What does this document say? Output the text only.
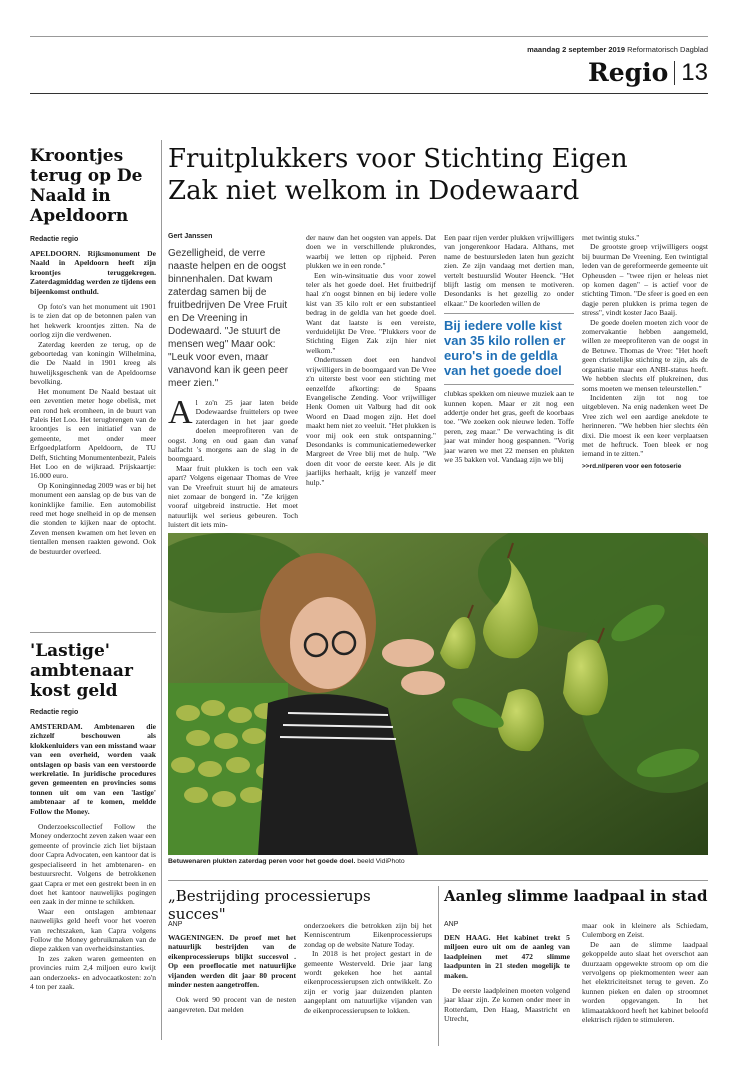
maandag 2 september 2019 Reformatorisch Dagblad
Regio 13
Kroontjes terug op De Naald in Apeldoorn
Redactie regio

APELDOORN. Rijksmonument De Naald in Apeldoorn heeft zijn kroontjes teruggekregen. Zaterdagmiddag werden ze tijdens een bijeenkomst onthuld.

Op foto's van het monument uit 1901 is te zien dat op de betonnen palen van het hekwerk kroontjes zitten. Na de oorlog zijn die verdwenen.

Zaterdag keerden ze terug, op de geboortedag van koningin Wilhelmina, die De Naald in 1901 kreeg als huwelijksgeschenk van de Apeldoornse bevolking.

Het monument De Naald bestaat uit een zeventien meter hoge obelisk, met een rond hek eromheen, in de buurt van Paleis Het Loo. Het terugbrengen van de kroontjes is een initiatief van de gemeente, met onder meer Erfgoedplatform Apeldoorn, de TU Delft, Stichting Monumentenbezit, Paleis Het Loo en de wijkraad. Prijskaartje: 16.000 euro.

Op Koninginnedag 2009 was er bij het monument een aanslag op de bus van de koninklijke familie. Een automobilist reed met hoge snelheid in op de mensen die stonden te kijken naar de optocht. Zeven mensen kwamen om het leven en tientallen mensen raakten gewond. Ook de bestuurder overleed.

'Lastige' ambtenaar kost geld
Redactie regio

AMSTERDAM. Ambtenaren die zichzelf beschouwen als klokkenluiders van een misstand waar van een overheid, worden vaak ontslagen op basis van een verstoorde werkrelatie. In juridische procedures geven gemeenten en provincies soms tonnen uit om van een 'lastige' ambtenaar af te komen, meldde Follow the Money.

Onderzoekscollectief Follow the Money onderzocht zeven zaken waar een gemeente of provincie zich liet bijstaan door Capra Advocaten, een kantoor dat is gespecialiseerd in het ambtenaren- en bestuursrecht. Volgens de betrokkenen gaat Capra er met een gestrekt been in en doet het kantoor nauwelijks pogingen een zaak in der minne te schikken.

Waar een ontslagen ambtenaar nauwelijks geld heeft voor het voeren van rechtszaken, kan Capra volgens Follow the Money gebruikmaken van de diepe zakken van overheidsinstanties.

In zes zaken waren gemeenten en provincies ruim 2,4 miljoen euro kwijt aan onderzoeks- en advocaatkosten: zo'n 4 ton per zaak.

Fruitplukkers voor Stichting Eigen Zak niet welkom in Dodewaard
Gert Janssen
Gezelligheid, de verre naaste helpen en de oogst binnenhalen. Dat kwam zaterdag samen bij de fruitbedrijven De Vree Fruit en De Vreening in Dodewaard. "Je stuurt de mensen weg" Maar ook: "Leuk voor even, maar vanavond kan ik geen peer meer zien."

Al zo'n 25 jaar laten beide Dodewaardse fruittelers op twee zaterdagen in het jaar goede doelen meeprofiteren van de oogst. Jong en oud gaan dan vanaf halfacht 's morgens aan de slag in de boomgaard.

Maar fruit plukken is toch een vak apart? Volgens eigenaar Thomas de Vree van De Vreefruit stuurt hij de amateurs niet zomaar de bongerd in. "Ze krijgen vooraf uitgebreid instructie. Het moet natuurlijk wel serieus gebeuren. Toch luistert dit iets min-

der nauw dan het oogsten van appels. Dat doen we in verschillende plukrondes, waarbij we letten op rijpheid. Peren plukken we in een ronde."

Een win-winsituatie dus voor zowel teler als het goede doel. Het fruitbedrijf haal z'n oogst binnen en bij iedere volle kist van 35 kilo rolt er een substantieel bedrag in de geldla van het goede doel. Want dat laatste is een vereiste, verduidelijkt De Vree. "Plukkers voor de Stichting Eigen Zak zijn hier niet welkom."

Ondertussen doet een handvol vrijwilligers in de boomgaard van De Vree z'n uiterste best voor een stichting met eenzelfde afkorting: de Spaans Evangelische Zending. Voor vrijwilliger Henk Oomen uit Valburg had dit ook Woord en Daad mogen zijn. Het doel maakt hem niet zo veeluit. "Het plukken is voor mij ook een stuk ontspanning." Desondanks is communicatiemedewerker Margreet de Vree blij met de hulp. "We doen dit voor de eerste keer. Als je dit jaarlijks herhaalt, krijg je vanzelf meer hulp."

Een paar rijen verder plukken vrijwilligers van jongerenkoor Hadara. Althans, met name de bestuursleden laten hun gezicht zien. Ze zijn vandaag met dertien man, vertelt bestuurslid Wouter Heenck. "Het blijft lastig om mensen te motiveren. Desondanks is het gezellig zo onder elkaar." De koorleden willen de

Bij iedere volle kist van 35 kilo rollen er euro's in de geldla van het goede doel

clubkas spekken om nieuwe muziek aan te kunnen kopen. Maar er zit nog een addertje onder het gras, geeft de koorbaas toe. "We zoeken ook nieuwe leden. Toffe peren, zeg maar." De verwachting is dit jaar wat minder hoog gespannen. "Vorig jaar waren we met 22 mensen en plukten we 35 bakken vol. Vandaag zijn we blij

met twintig stuks."

De grootste groep vrijwilligers oogst bij buurman De Vreening. Een twintigtal leden van de gereformeerde gemeente uit Opheusden – "twee rijen er heleas niet op komen dagen" – is actief voor de stichting Timon. "De sfeer is goed en een dagje peren plukken is prima tegen de stress", vindt koster Jaco Baaij.

De goede doelen moeten zich voor de zomervakantie hebben aangemeld, willen ze meeprofiteren van de oogst in de Betuwe. Thomas de Vree: "Het hoeft geen christelijke stichting te zijn, als de organisatie maar een ANBI-status heeft. We hebben slechts elf plukreinen, dus soms moeten we mensen teleurstellen."

Incidenten zijn tot nog toe uitgebleven. Na enig nadenken weet De Vree zich wel een aardige anekdote te herinneren. "We hebben hier slechts één dixi. Die moest ik een keer verplaatsen met de heftruck. Toen bleek er nog iemand in te zitten."

>>rd.nl/peren voor een fotoserie

Betuwenaren plukten zaterdag peren voor het goede doel. beeld VidiPhoto
„Bestrijding processierups succes"
ANP

WAGENINGEN. De proef met het natuurlijk bestrijden van de eikenprocessierups blijkt succesvol . Op een proeflocatie met natuurlijke vijanden werden dit jaar 80 procent minder nesten aangetroffen.

Ook werd 90 procent van de nesten aangevreten. Dat melden

onderzoekers die betrokken zijn bij het Kenniscentrum Eikenprocessierups zondag op de website Nature Today.

In 2018 is het project gestart in de gemeente Westerveld. Drie jaar lang wordt gekeken hoe het aantal eikenprocessierupsen zich ontwikkelt. Zo zijn er vorig jaar duizenden planten aangeplant om natuurlijke vijanden van de eikenprocessierupsen te lokken.

Aanleg slimme laadpaal in stad
ANP

DEN HAAG. Het kabinet trekt 5 miljoen euro uit om de aanleg van laadpleinen met 472 slimme laadpunten in 21 steden mogelijk te maken.

De eerste laadpleinen moeten volgend jaar klaar zijn. Ze komen onder meer in Rotterdam, Den Haag, Maastricht en Utrecht,

maar ook in kleinere als Schiedam, Culemborg en Zeist.

De aan de slimme laadpaal gekoppelde auto slaat het overschot aan duurzaam opgewekte stroom op om die vervolgens op piekmomenten weer aan het elektriciteitsnet terug te geven. Zo kunnen pieken en dalen op stroomnet worden opgevangen. In het klimaatakkoord heeft het kabinet beloofd elektrisch rijden te stimuleren.
